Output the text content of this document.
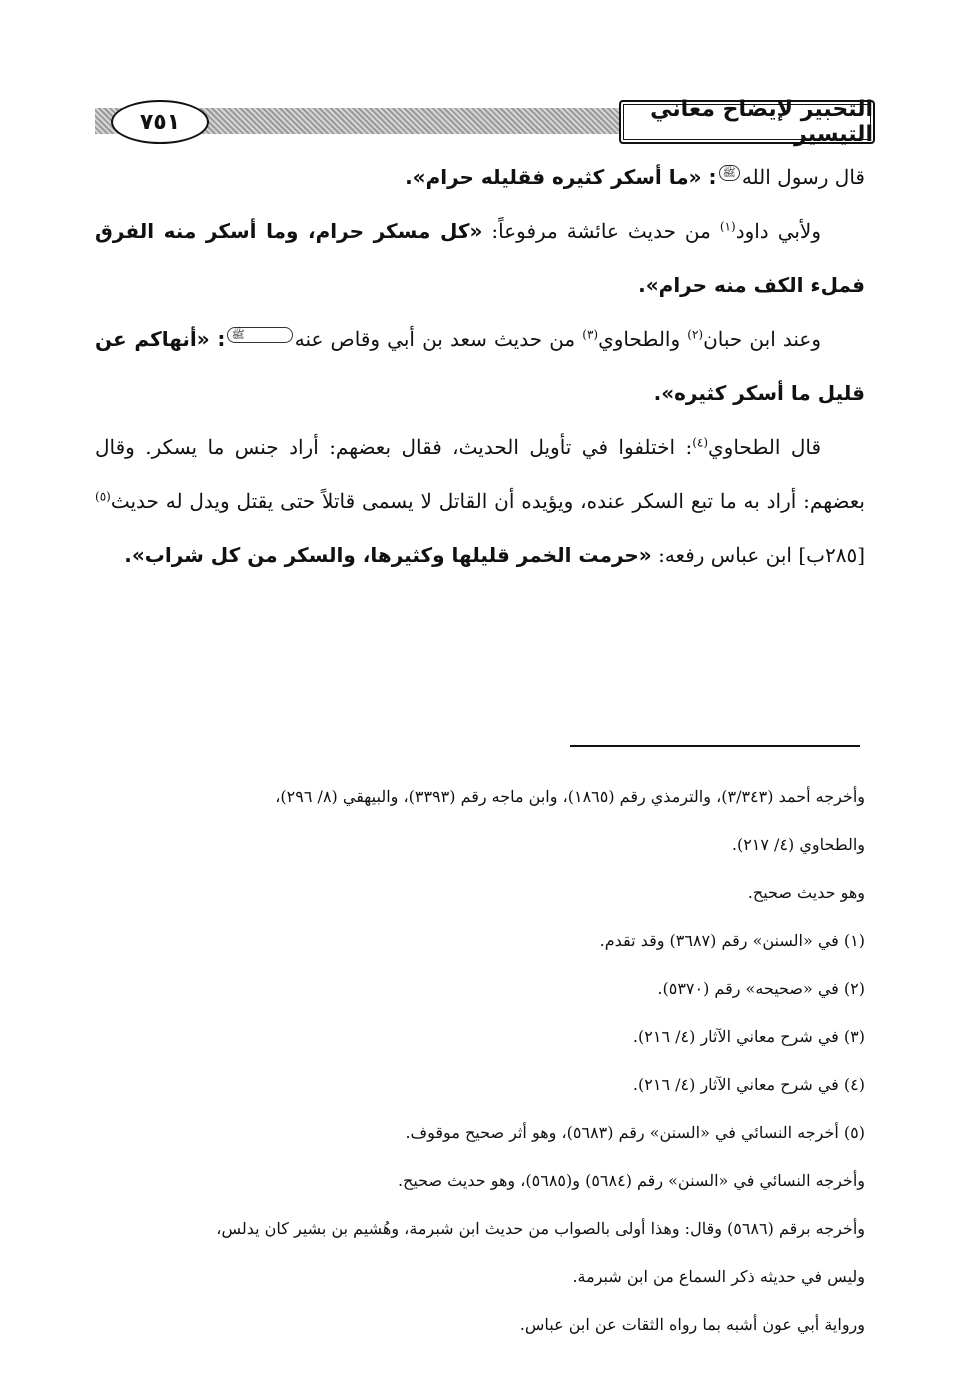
التحبير لإيضاح معاني التيسير
٧٥١

قال رسول اللهﷺ: «ما أسكر كثيره فقليله حرام».

ولأبي داود$^{(١)}$ من حديث عائشة مرفوعاً: «كل مسكر حرام، وما أسكر منه الفرق فملء الكف منه حرام».

وعند ابن حبان$^{(٢)}$ والطحاوي$^{(٣)}$ من حديث سعد بن أبي وقاص عنهﷺ: «أنهاكم عن قليل ما أسكر كثيره».

قال الطحاوي$^{(٤)}$: اختلفوا في تأويل الحديث، فقال بعضهم: أراد جنس ما يسكر. وقال بعضهم: أراد به ما تبع السكر عنده، ويؤيده أن القاتل لا يسمى قاتلاً حتى يقتل ويدل له حديث$^{(٥)}$ [٢٨٥ب] ابن عباس رفعه: «حرمت الخمر قليلها وكثيرها، والسكر من كل شراب».

وأخرجه أحمد (٣/٣٤٣)، والترمذي رقم (١٨٦٥)، وابن ماجه رقم (٣٣٩٣)، والبيهقي (٨/ ٢٩٦)،

والطحاوي (٤/ ٢١٧).

وهو حديث صحيح.

(١) في «السنن» رقم (٣٦٨٧) وقد تقدم.

(٢) في «صحيحه» رقم (٥٣٧٠).

(٣) في شرح معاني الآثار (٤/ ٢١٦).

(٤) في شرح معاني الآثار (٤/ ٢١٦).

(٥) أخرجه النسائي في «السنن» رقم (٥٦٨٣)، وهو أثر صحيح موقوف.

وأخرجه النسائي في «السنن» رقم (٥٦٨٤) و(٥٦٨٥)، وهو حديث صحيح.

وأخرجه برقم (٥٦٨٦) وقال: وهذا أولى بالصواب من حديث ابن شبرمة، وهُشيم بن بشير كان يدلس،

وليس في حديثه ذكر السماع من ابن شبرمة.

ورواية أبي عون أشبه بما رواه الثقات عن ابن عباس.
